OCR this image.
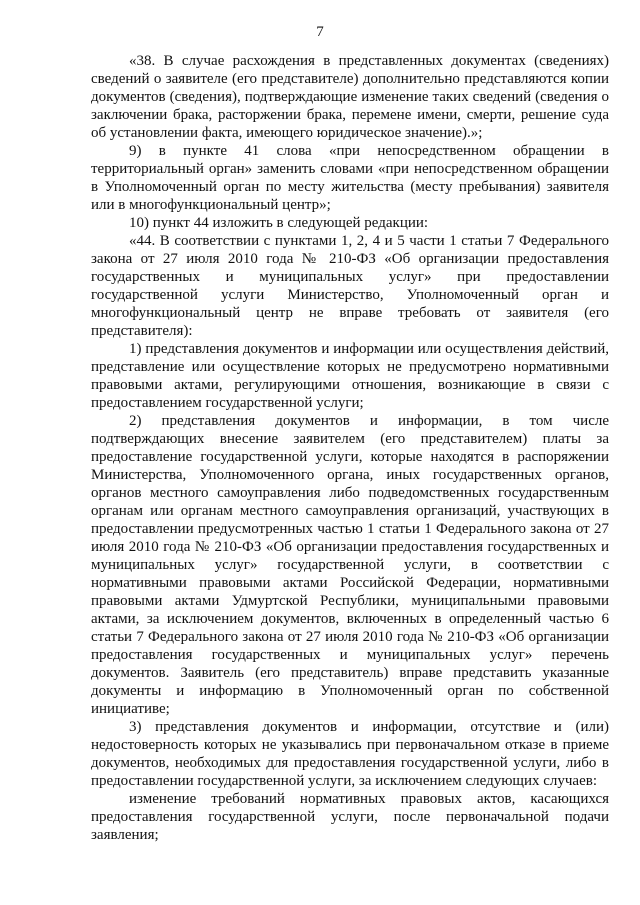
7

«38. В случае расхождения в представленных документах (сведениях) сведений о заявителе (его представителе) дополнительно представляются копии документов (сведения), подтверждающие изменение таких сведений (сведения о заключении брака, расторжении брака, перемене имени, смерти, решение суда об установлении факта, имеющего юридическое значение).»;

9) в пункте 41 слова «при непосредственном обращении в территориальный орган» заменить словами «при непосредственном обращении в Уполномоченный орган по месту жительства (месту пребывания) заявителя или в многофункциональный центр»;

10) пункт 44 изложить в следующей редакции:

«44. В соответствии с пунктами 1, 2, 4 и 5 части 1 статьи 7 Федерального закона от 27 июля 2010 года № 210-ФЗ «Об организации предоставления государственных и муниципальных услуг» при предоставлении государственной услуги Министерство, Уполномоченный орган и многофункциональный центр не вправе требовать от заявителя (его представителя):

1) представления документов и информации или осуществления действий, представление или осуществление которых не предусмотрено нормативными правовыми актами, регулирующими отношения, возникающие в связи с предоставлением государственной услуги;

2) представления документов и информации, в том числе подтверждающих внесение заявителем (его представителем) платы за предоставление государственной услуги, которые находятся в распоряжении Министерства, Уполномоченного органа, иных государственных органов, органов местного самоуправления либо подведомственных государственным органам или органам местного самоуправления организаций, участвующих в предоставлении предусмотренных частью 1 статьи 1 Федерального закона от 27 июля 2010 года № 210-ФЗ «Об организации предоставления государственных и муниципальных услуг» государственной услуги, в соответствии с нормативными правовыми актами Российской Федерации, нормативными правовыми актами Удмуртской Республики, муниципальными правовыми актами, за исключением документов, включенных в определенный частью 6 статьи 7 Федерального закона от 27 июля 2010 года № 210-ФЗ «Об организации предоставления государственных и муниципальных услуг» перечень документов. Заявитель (его представитель) вправе представить указанные документы и информацию в Уполномоченный орган по собственной инициативе;

3) представления документов и информации, отсутствие и (или) недостоверность которых не указывались при первоначальном отказе в приеме документов, необходимых для предоставления государственной услуги, либо в предоставлении государственной услуги, за исключением следующих случаев:

изменение требований нормативных правовых актов, касающихся предоставления государственной услуги, после первоначальной подачи заявления;
